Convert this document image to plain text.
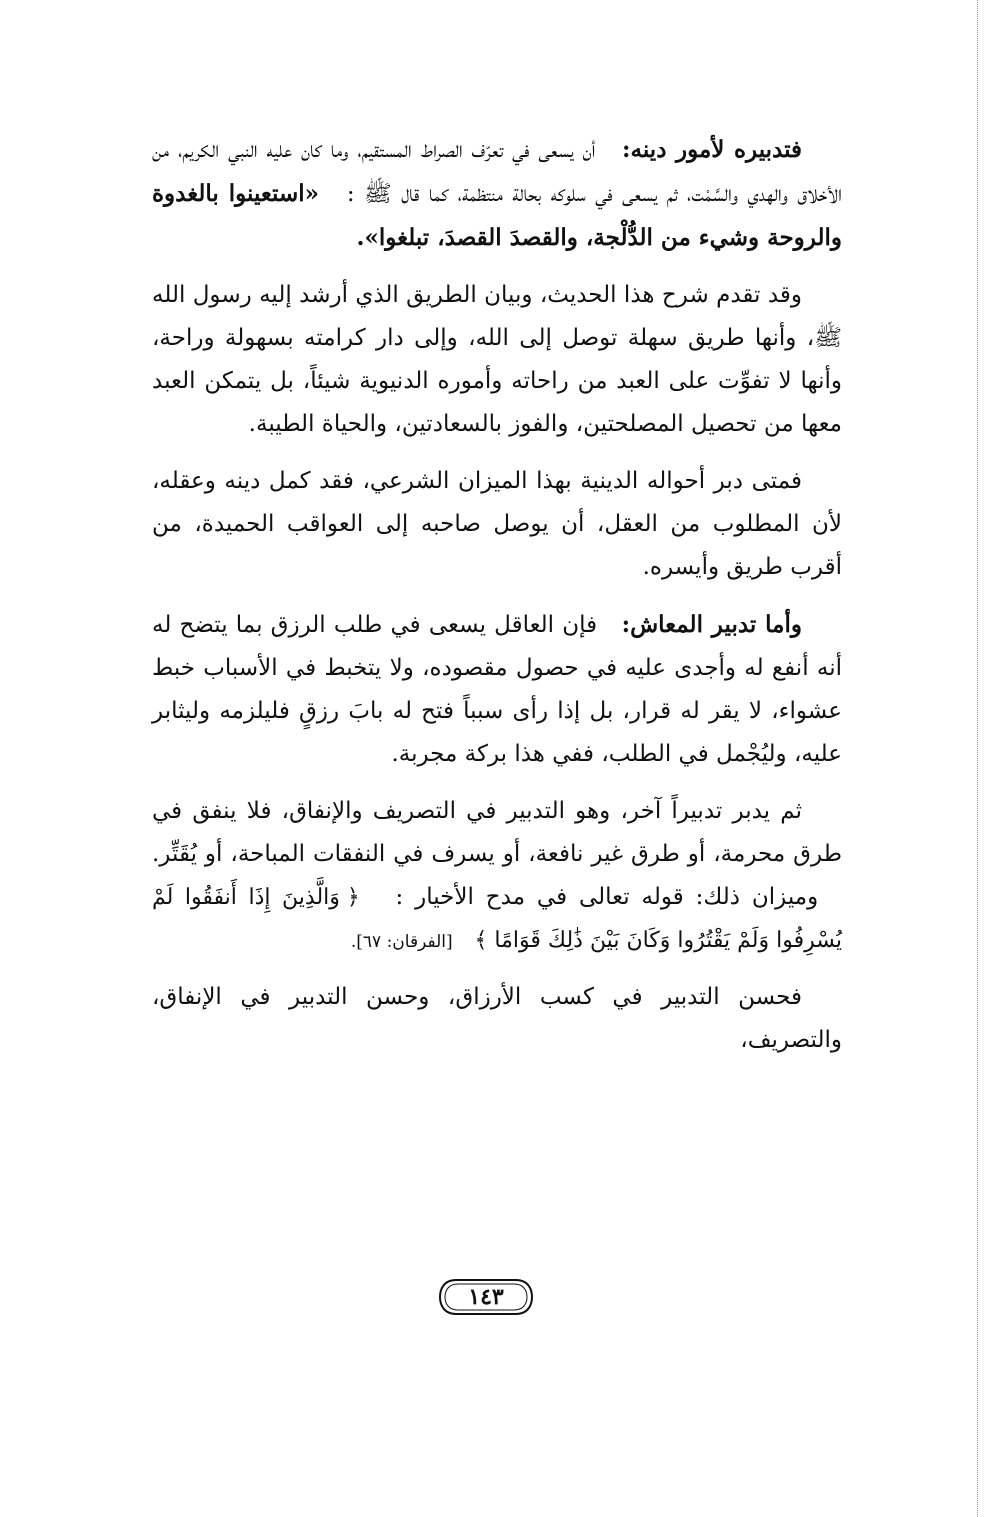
فتدبيره لأمور دينه:   أن يسعى في تعرّف الصراط المستقيم، وما كان عليه النبي الكريم، من الأخلاق والهدي والسَّمْت، ثم يسعى في سلوكه بحالة منتظمة، كما قال ﷺ :   «استعينوا بالغدوة والروحة وشيء من الدُّلْجة، والقصدَ القصدَ، تبلغوا».

وقد تقدم شرح هذا الحديث، وبيان الطريق الذي أرشد إليه رسول الله ﷺ، وأنها طريق سهلة توصل إلى الله، وإلى دار كرامته بسهولة وراحة، وأنها لا تفوِّت على العبد من راحاته وأموره الدنيوية شيئاً، بل يتمكن العبد معها من تحصيل المصلحتين، والفوز بالسعادتين، والحياة الطيبة.

فمتى دبر أحواله الدينية بهذا الميزان الشرعي، فقد كمل دينه وعقله، لأن المطلوب من العقل، أن يوصل صاحبه إلى العواقب الحميدة، من أقرب طريق وأيسره.

وأما تدبير المعاش:   فإن العاقل يسعى في طلب الرزق بما يتضح له أنه أنفع له وأجدى عليه في حصول مقصوده، ولا يتخبط في الأسباب خبط عشواء، لا يقر له قرار، بل إذا رأى سبباً فتح له بابَ رزقٍ فليلزمه وليثابر عليه، وليُجْمل في الطلب، ففي هذا بركة مجربة.

ثم يدبر تدبيراً آخر، وهو التدبير في التصريف والإنفاق، فلا ينفق في طرق محرمة، أو طرق غير نافعة، أو يسرف في النفقات المباحة، أو يُقَتِّر.   وميزان ذلك: قوله تعالى في مدح الأخيار :   ﴿ وَالَّذِينَ إِذَا أَنفَقُوا لَمْ يُسْرِفُوا وَلَمْ يَقْتُرُوا وَكَانَ بَيْنَ ذَٰلِكَ قَوَامًا ﴾   [الفرقان: ٦٧].

فحسن التدبير في كسب الأرزاق، وحسن التدبير في الإنفاق، والتصريف،

١٤٣
